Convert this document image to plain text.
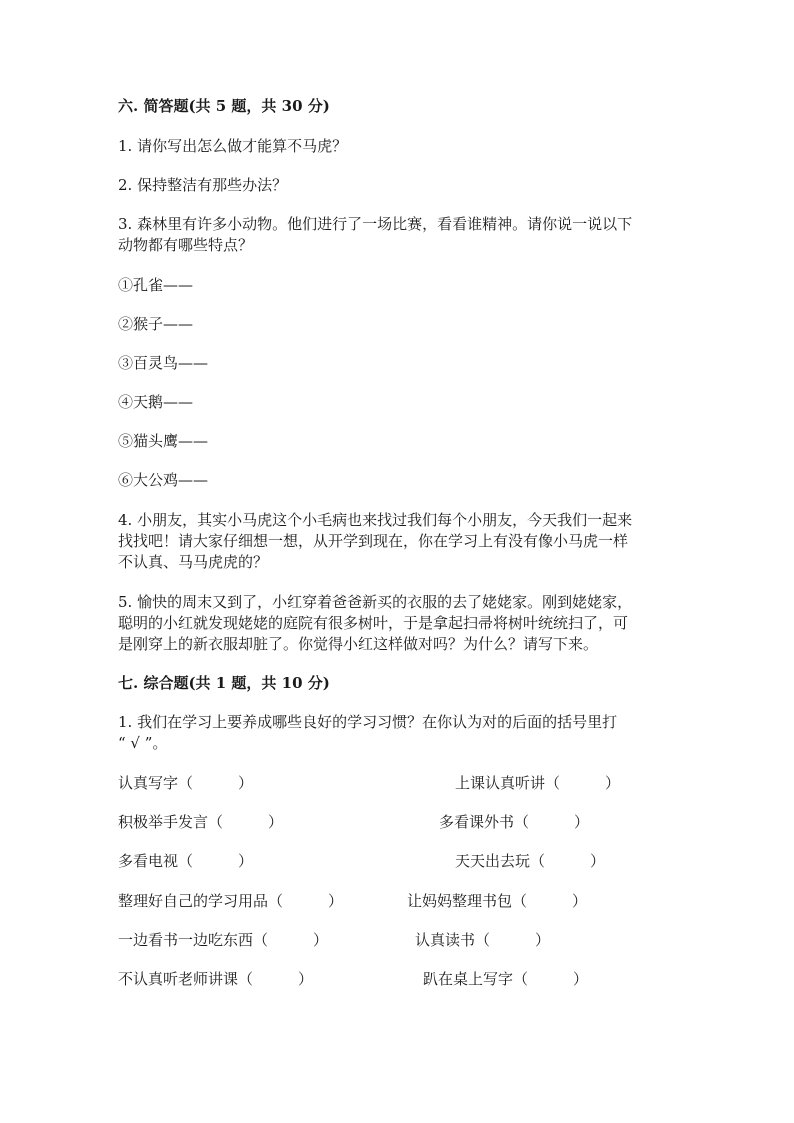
六. 简答题(共 5 题，共 30 分)
1. 请你写出怎么做才能算不马虎？
2. 保持整洁有那些办法？
3. 森林里有许多小动物。他们进行了一场比赛，看看谁精神。请你说一说以下
动物都有哪些特点？
①孔雀——
②猴子——
③百灵鸟——
④天鹅——
⑤猫头鹰——
⑥大公鸡——
4. 小朋友，其实小马虎这个小毛病也来找过我们每个小朋友，今天我们一起来
找找吧！请大家仔细想一想，从开学到现在，你在学习上有没有像小马虎一样
不认真、马马虎虎的？
5. 愉快的周末又到了，小红穿着爸爸新买的衣服的去了姥姥家。刚到姥姥家，
聪明的小红就发现姥姥的庭院有很多树叶，于是拿起扫帚将树叶统统扫了，可
是刚穿上的新衣服却脏了。你觉得小红这样做对吗？为什么？请写下来。
七. 综合题(共 1 题，共 10 分)
1. 我们在学习上要养成哪些良好的学习习惯？在你认为对的后面的括号里打
“ √ ”。
认真写字（　　　）	上课认真听讲（　　　）
积极举手发言（　　　）	多看课外书（　　　）
多看电视（　　　）	天天出去玩（　　　）
整理好自己的学习用品（　　　）	让妈妈整理书包（　　　）
一边看书一边吃东西（　　　）	认真读书（　　　）
不认真听老师讲课（　　　）	趴在桌上写字（　　　）
